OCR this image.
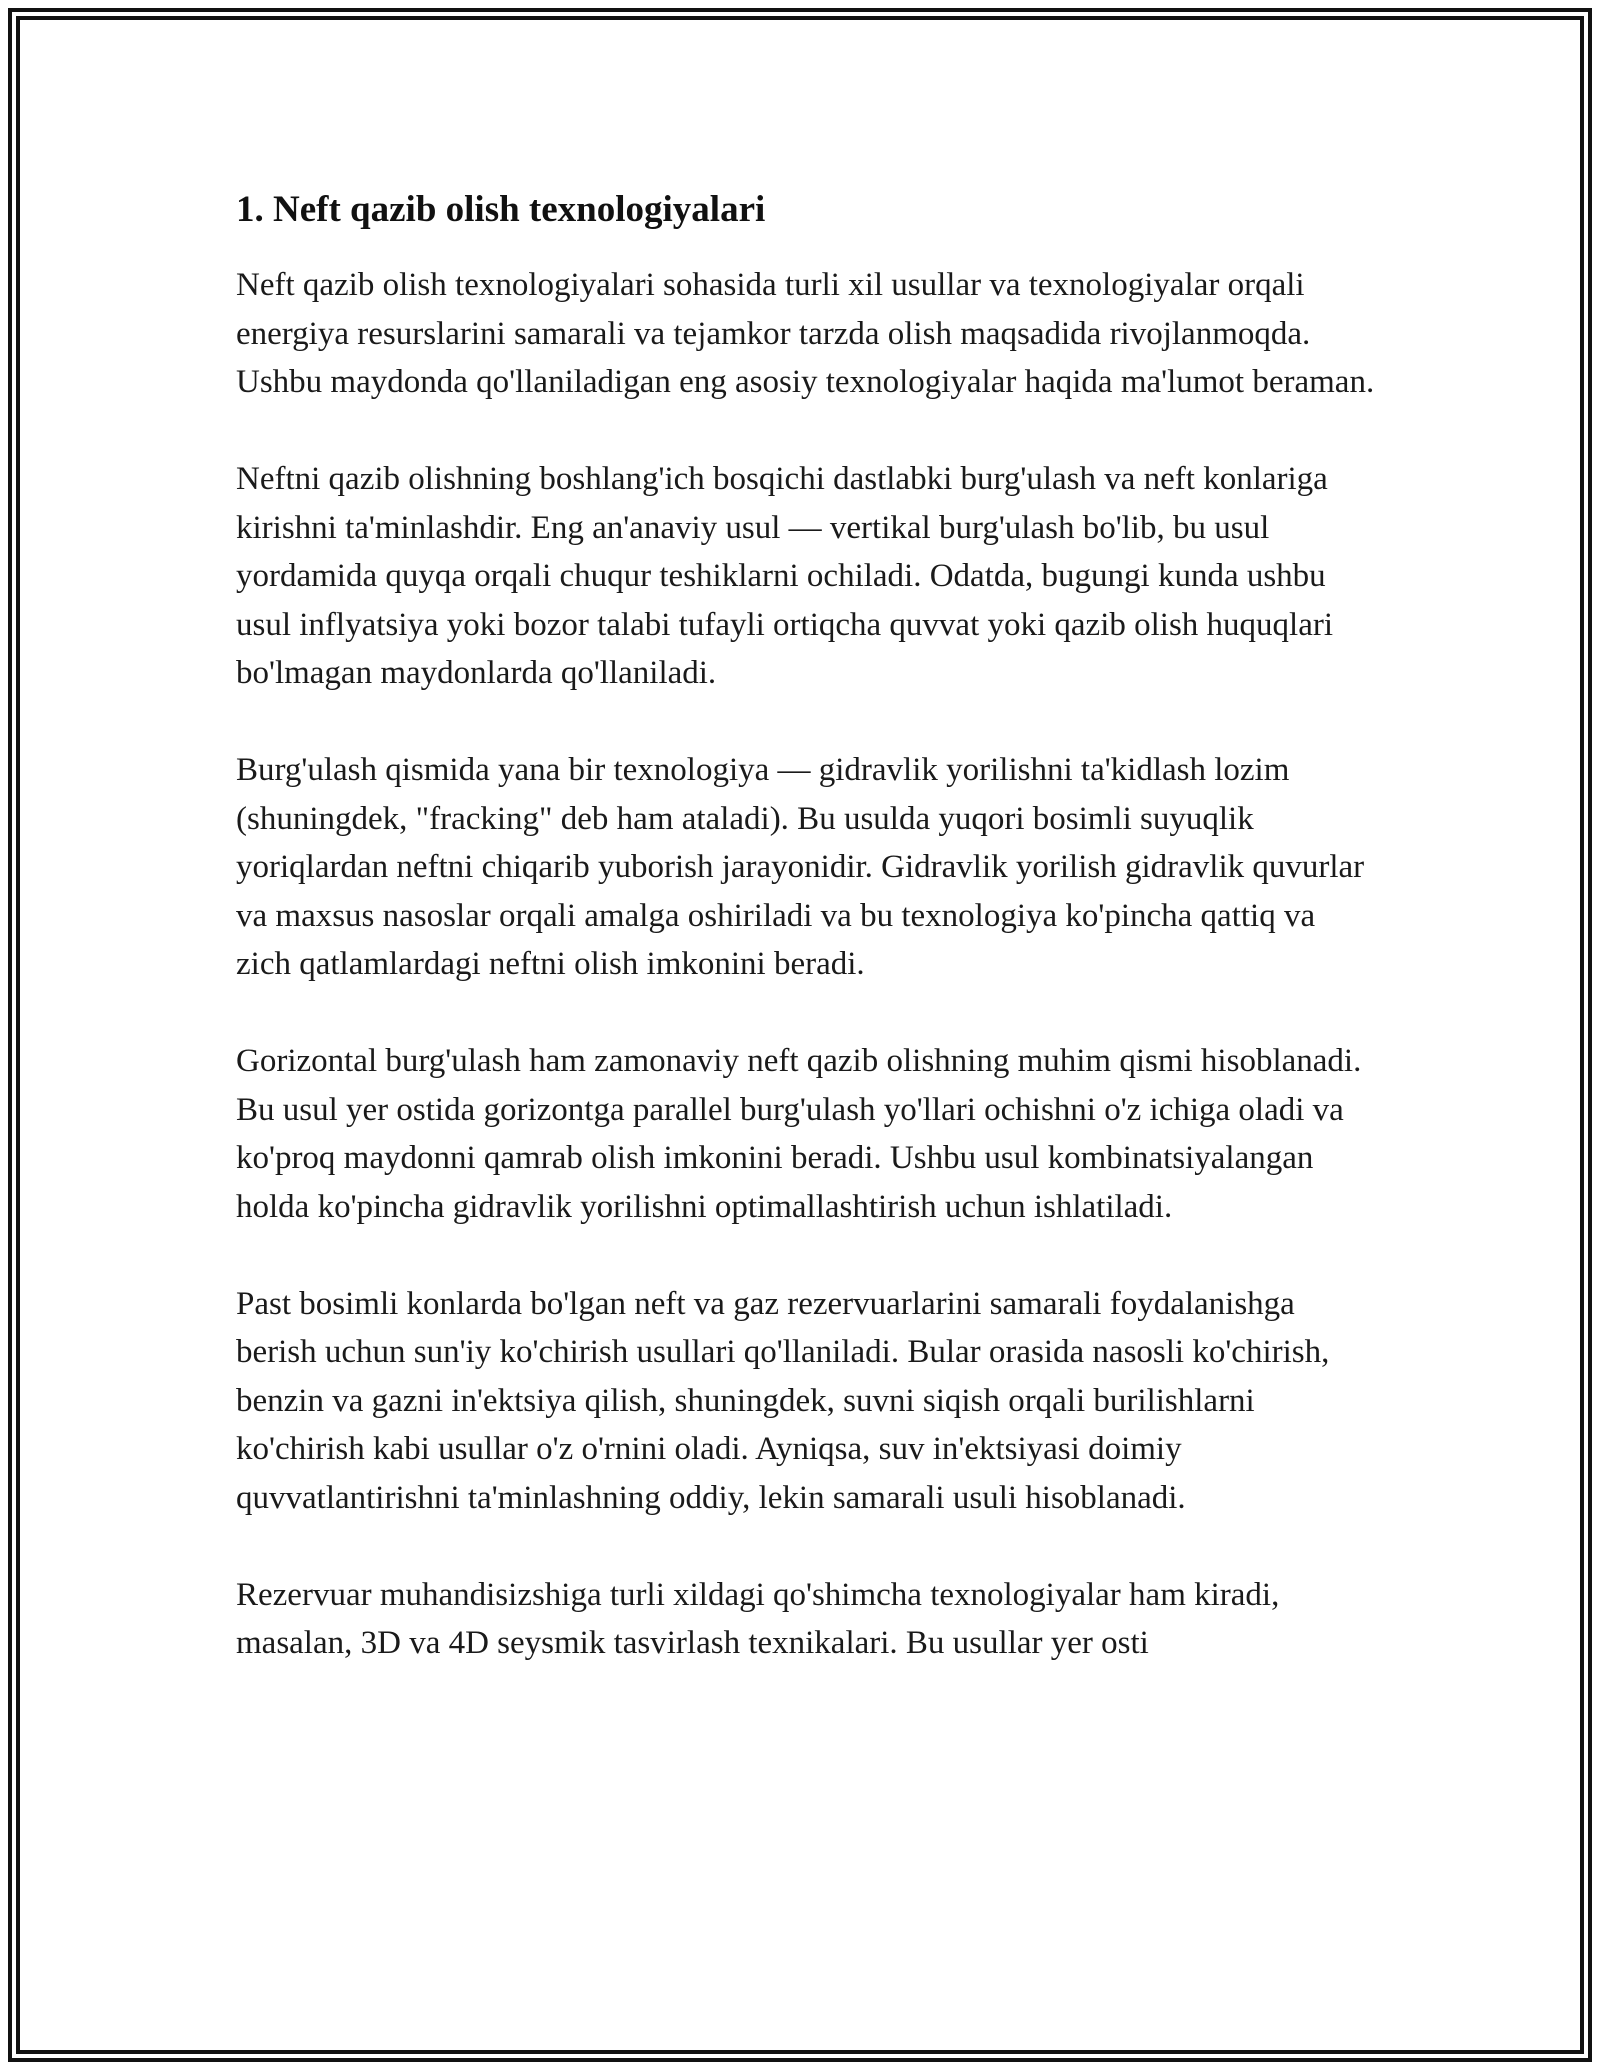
1. Neft qazib olish texnologiyalari

Neft qazib olish texnologiyalari sohasida turli xil usullar va texnologiyalar orqali energiya resurslarini samarali va tejamkor tarzda olish maqsadida rivojlanmoqda. Ushbu maydonda qo'llaniladigan eng asosiy texnologiyalar haqida ma'lumot beraman.

Neftni qazib olishning boshlang'ich bosqichi dastlabki burg'ulash va neft konlariga kirishni ta'minlashdir. Eng an'anaviy usul — vertikal burg'ulash bo'lib, bu usul yordamida quyqa orqali chuqur teshiklarni ochiladi. Odatda, bugungi kunda ushbu usul inflyatsiya yoki bozor talabi tufayli ortiqcha quvvat yoki qazib olish huquqlari bo'lmagan maydonlarda qo'llaniladi.

Burg'ulash qismida yana bir texnologiya — gidravlik yorilishni ta'kidlash lozim (shuningdek, "fracking" deb ham ataladi). Bu usulda yuqori bosimli suyuqlik yoriqlardan neftni chiqarib yuborish jarayonidir. Gidravlik yorilish gidravlik quvurlar va maxsus nasoslar orqali amalga oshiriladi va bu texnologiya ko'pincha qattiq va zich qatlamlardagi neftni olish imkonini beradi.

Gorizontal burg'ulash ham zamonaviy neft qazib olishning muhim qismi hisoblanadi. Bu usul yer ostida gorizontga parallel burg'ulash yo'llari ochishni o'z ichiga oladi va ko'proq maydonni qamrab olish imkonini beradi. Ushbu usul kombinatsiyalangan holda ko'pincha gidravlik yorilishni optimallashtirish uchun ishlatiladi.

Past bosimli konlarda bo'lgan neft va gaz rezervuarlarini samarali foydalanishga berish uchun sun'iy ko'chirish usullari qo'llaniladi. Bular orasida nasosli ko'chirish, benzin va gazni in'ektsiya qilish, shuningdek, suvni siqish orqali burilishlarni ko'chirish kabi usullar o'z o'rnini oladi. Ayniqsa, suv in'ektsiyasi doimiy quvvatlantirishni ta'minlashning oddiy, lekin samarali usuli hisoblanadi.

Rezervuar muhandisizshiga turli xildagi qo'shimcha texnologiyalar ham kiradi, masalan, 3D va 4D seysmik tasvirlash texnikalari. Bu usullar yer osti
